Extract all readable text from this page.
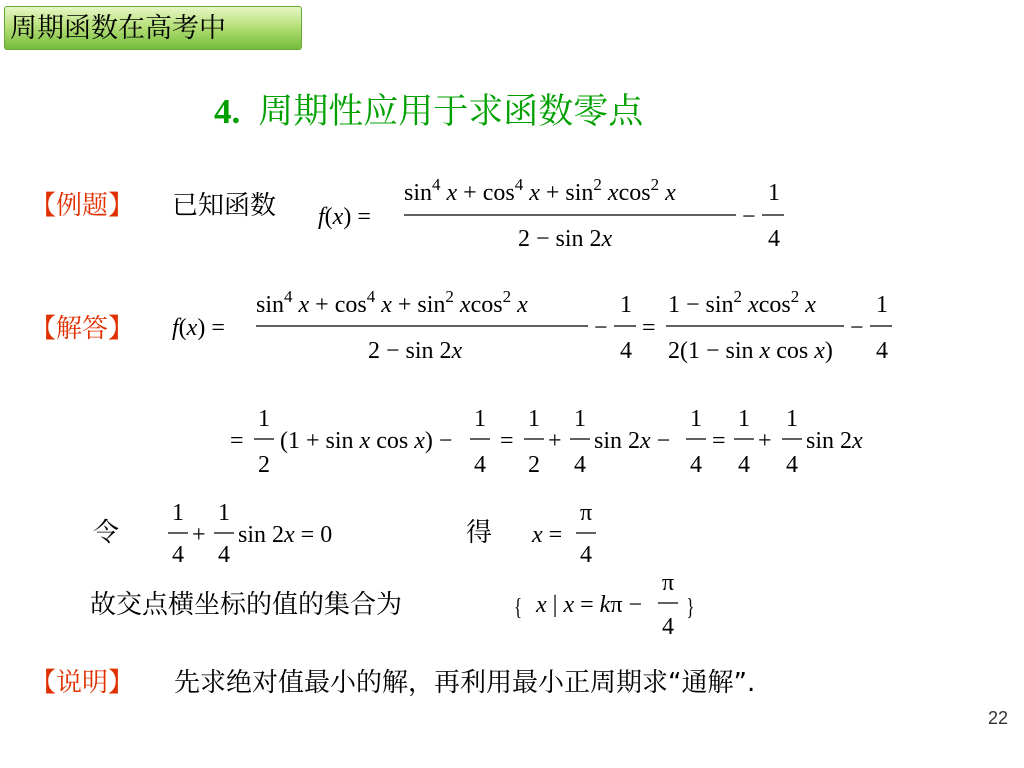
周期函数在高考中
4. 周期性应用于求函数零点
【例题】 已知函数 f(x) =
$\sin^4 x + \cos^4 x + \sin^2 xcos^2$ x
2 − sin 2x
−
1
4
【解答】 f(x) =
$\sin^4 x + \cos^4 x + \sin^2 xcos^2$ x
2 − sin 2x
−
1
4
=
$1 - \sin^2 xcos^2$ x
2(1 − sin x cos x)
−
1
4
=
1
2
(1 + sin x cos x) −
1
4
=
1
2
+
1
4
sin 2x −
1
4
=
1
4
+
1
4
sin 2x
令
1
4
+
1
4
sin 2x = 0	得 x =
π
4
故交点横坐标的值的集合为	{ x | x = kπ −
π
4
}
【说明】 先求绝对值最小的解，再利用最小正周期求“通解”.
22
